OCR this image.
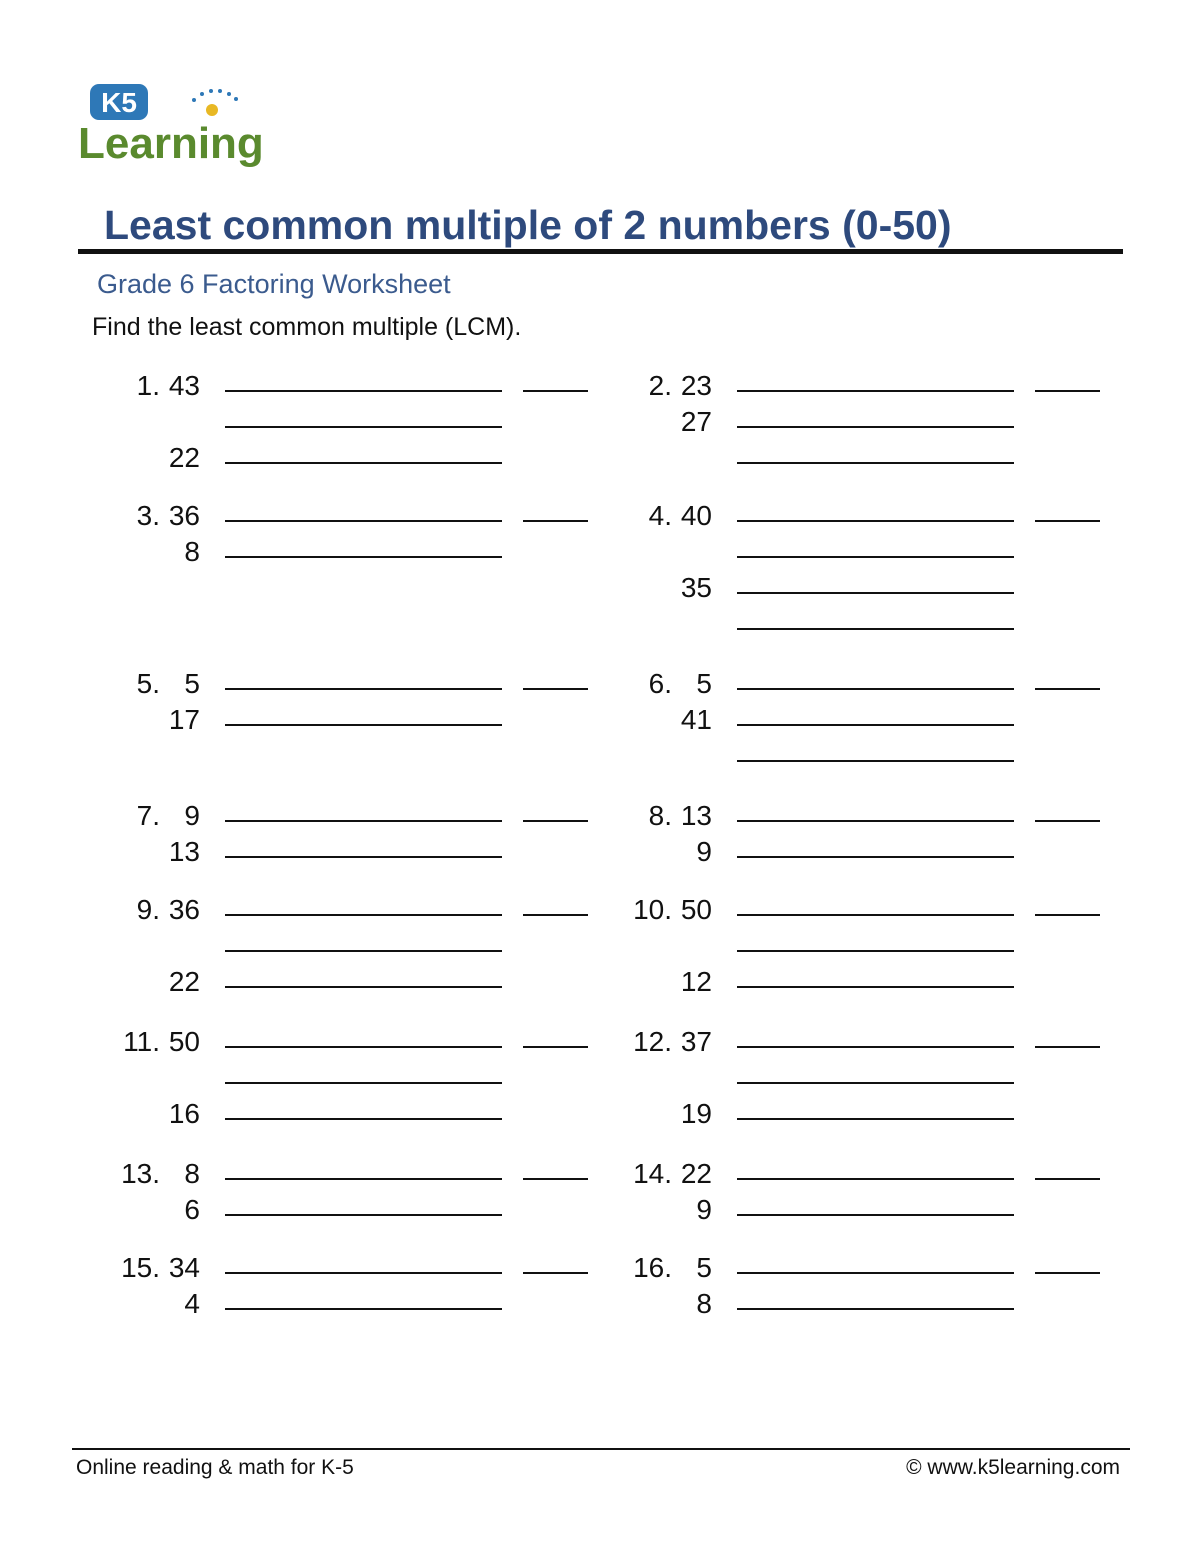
K5
Learning
Least common multiple of 2 numbers (0-50)
Grade 6 Factoring Worksheet
Find the least common multiple (LCM).
1. 43
22
2. 23
27
3. 36
8
4. 40
35
5. 5
17
6. 5
41
7. 9
13
8. 13
9
9. 36
22
10. 50
12
11. 50
16
12. 37
19
13. 8
6
14. 22
9
15. 34
4
16. 5
8
Online reading & math for K-5	© www.k5learning.com
